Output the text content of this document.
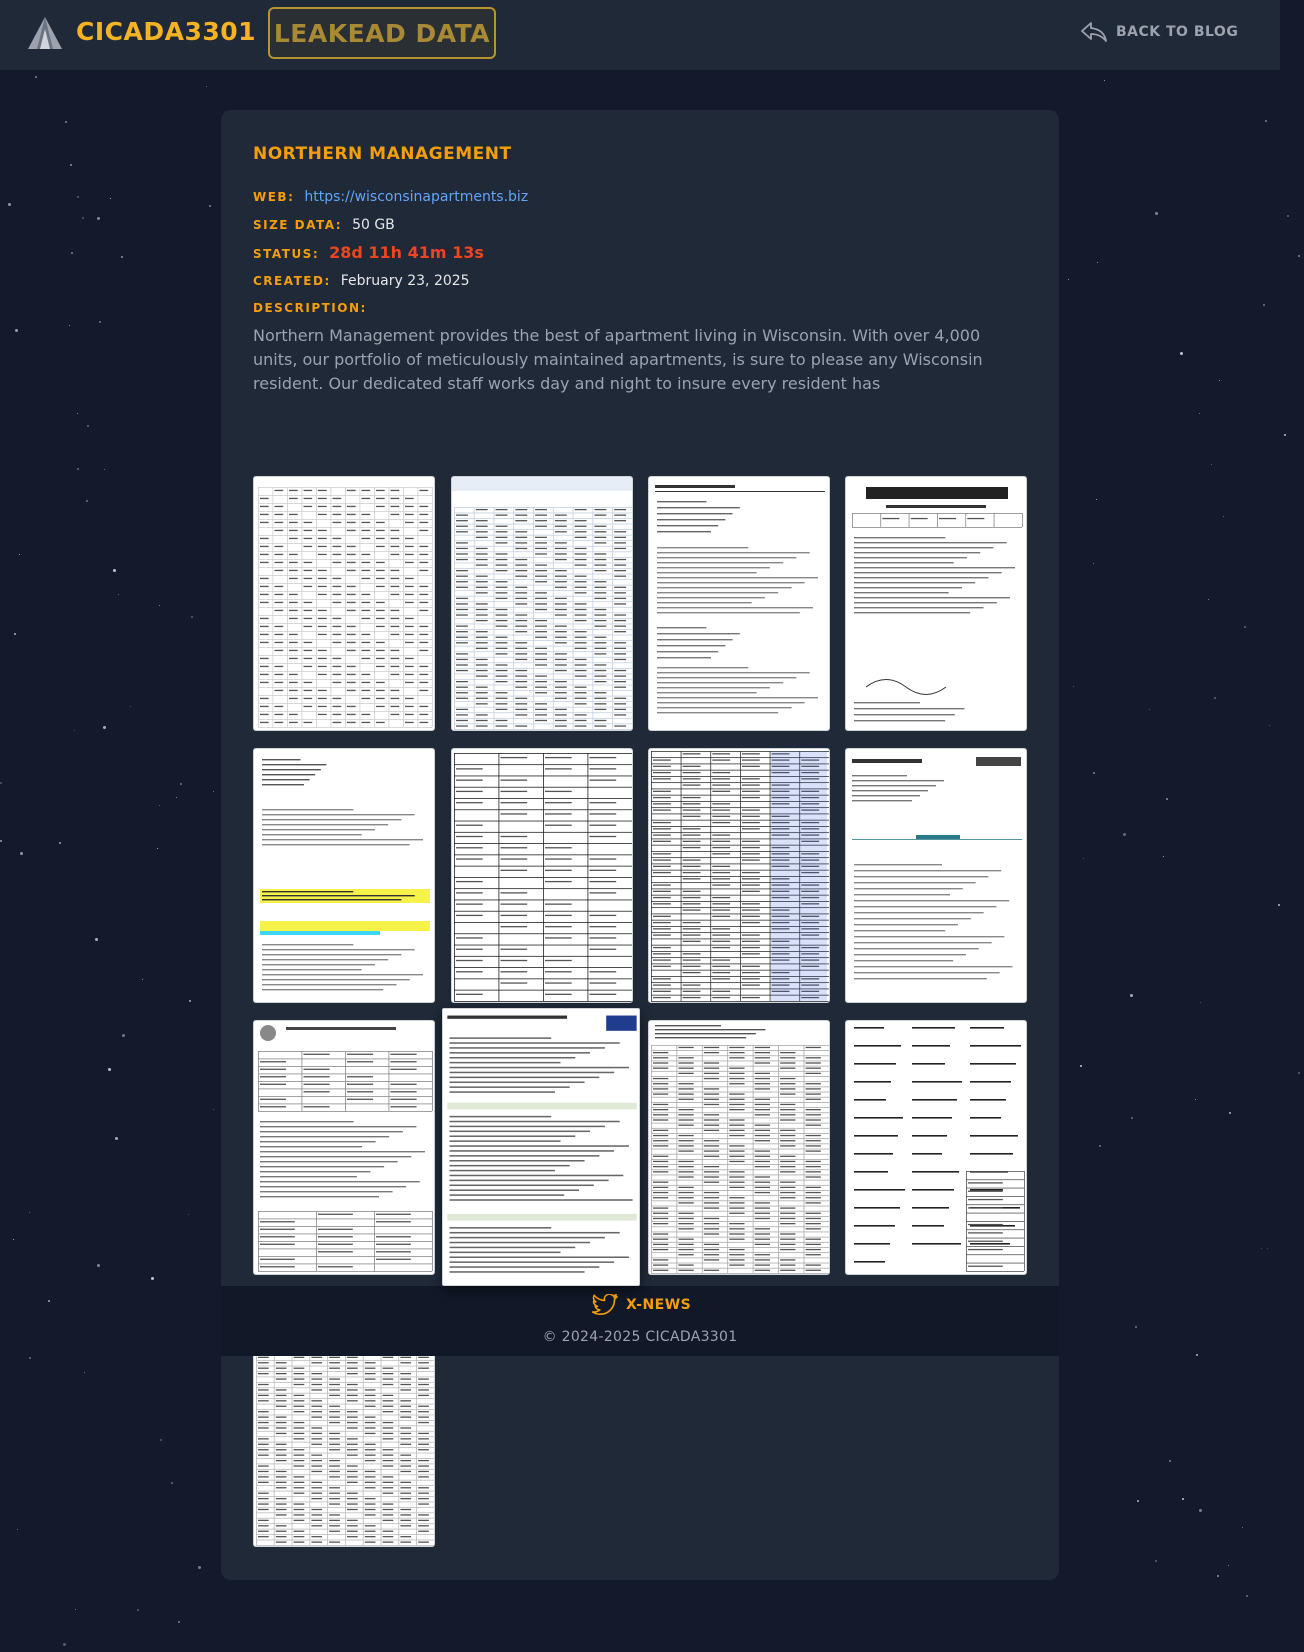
CICADA3301 LEAKEAD DATA	BACK TO BLOG
NORTHERN MANAGEMENT
WEB: https://wisconsinapartments.biz
SIZE DATA: 50 GB
STATUS: 28d 11h 41m 13s
CREATED: February 23, 2025
DESCRIPTION:
Northern Management provides the best of apartment living in Wisconsin. With over 4,000 units, our portfolio of meticulously maintained apartments, is sure to please any Wisconsin resident. Our dedicated staff works day and night to insure every resident has
X-NEWS
© 2024-2025 CICADA3301
